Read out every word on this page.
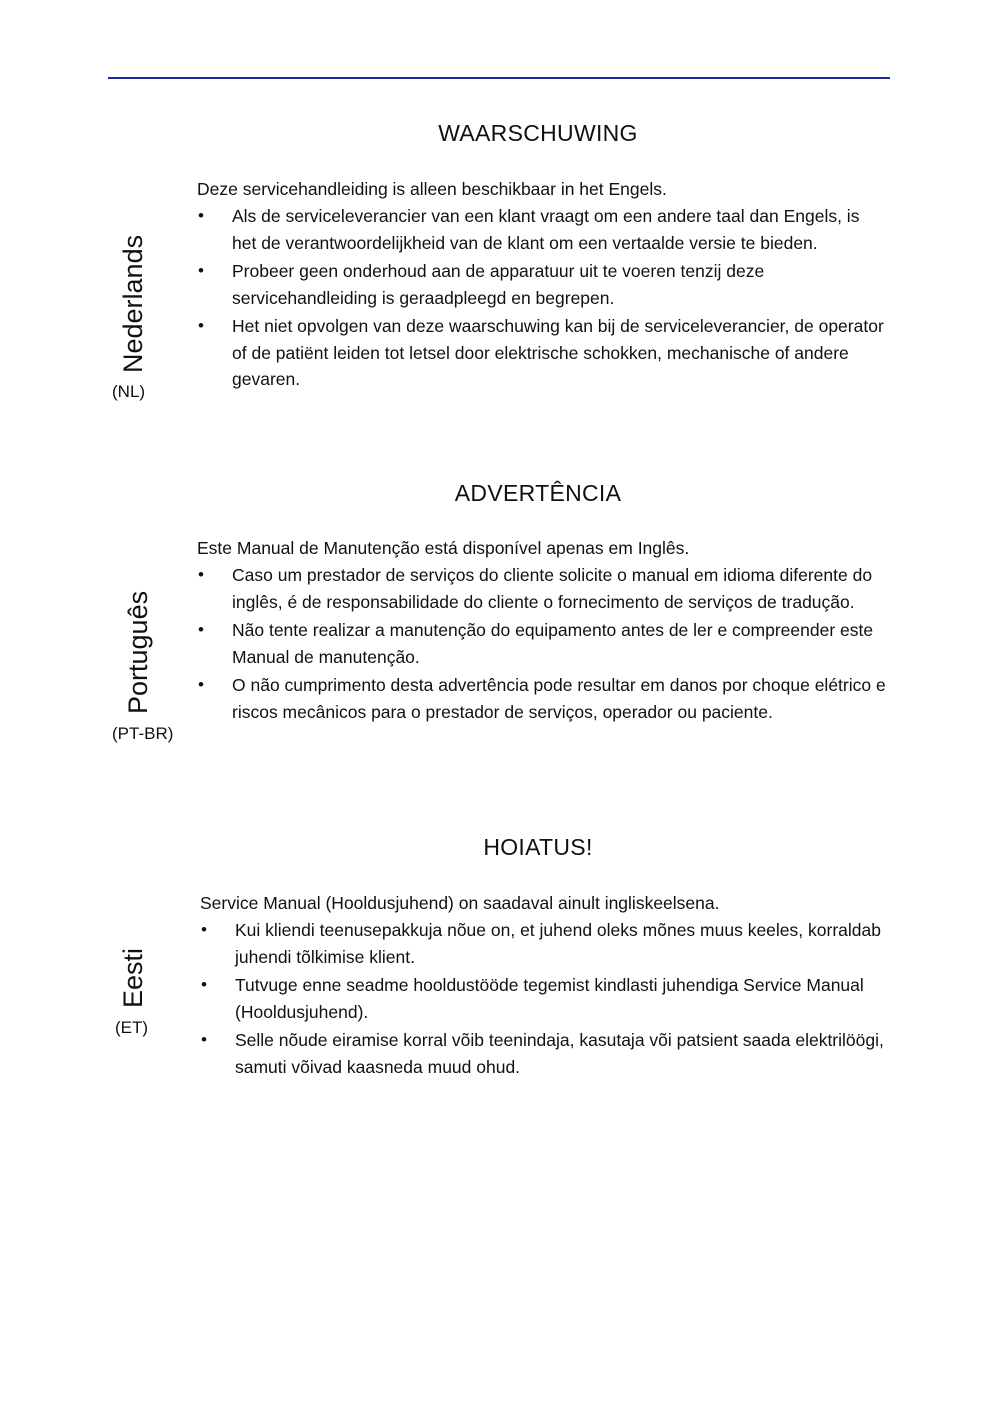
WAARSCHUWING
Nederlands
(NL)
Deze servicehandleiding is alleen beschikbaar in het Engels.
• Als de serviceleverancier van een klant vraagt om een andere taal dan Engels, is het de verantwoordelijkheid van de klant om een vertaalde versie te bieden.
• Probeer geen onderhoud aan de apparatuur uit te voeren tenzij deze servicehandleiding is geraadpleegd en begrepen.
• Het niet opvolgen van deze waarschuwing kan bij de serviceleverancier, de operator of de patiënt leiden tot letsel door elektrische schokken, mechanische of andere gevaren.
ADVERTÊNCIA
Português
(PT-BR)
Este Manual de Manutenção está disponível apenas em Inglês.
• Caso um prestador de serviços do cliente solicite o manual em idioma diferente do inglês, é de responsabilidade do cliente o fornecimento de serviços de tradução.
• Não tente realizar a manutenção do equipamento antes de ler e compreender este Manual de manutenção.
• O não cumprimento desta advertência pode resultar em danos por choque elétrico e riscos mecânicos para o prestador de serviços, operador ou paciente.
HOIATUS!
Eesti
(ET)
Service Manual (Hooldusjuhend) on saadaval ainult ingliskeelsena.
• Kui kliendi teenusepakkuja nõue on, et juhend oleks mõnes muus keeles, korraldab juhendi tõlkimise klient.
• Tutvuge enne seadme hooldustööde tegemist kindlasti juhendiga Service Manual (Hooldusjuhend).
• Selle nõude eiramise korral võib teenindaja, kasutaja või patsient saada elektrilöögi, samuti võivad kaasneda muud ohud.
